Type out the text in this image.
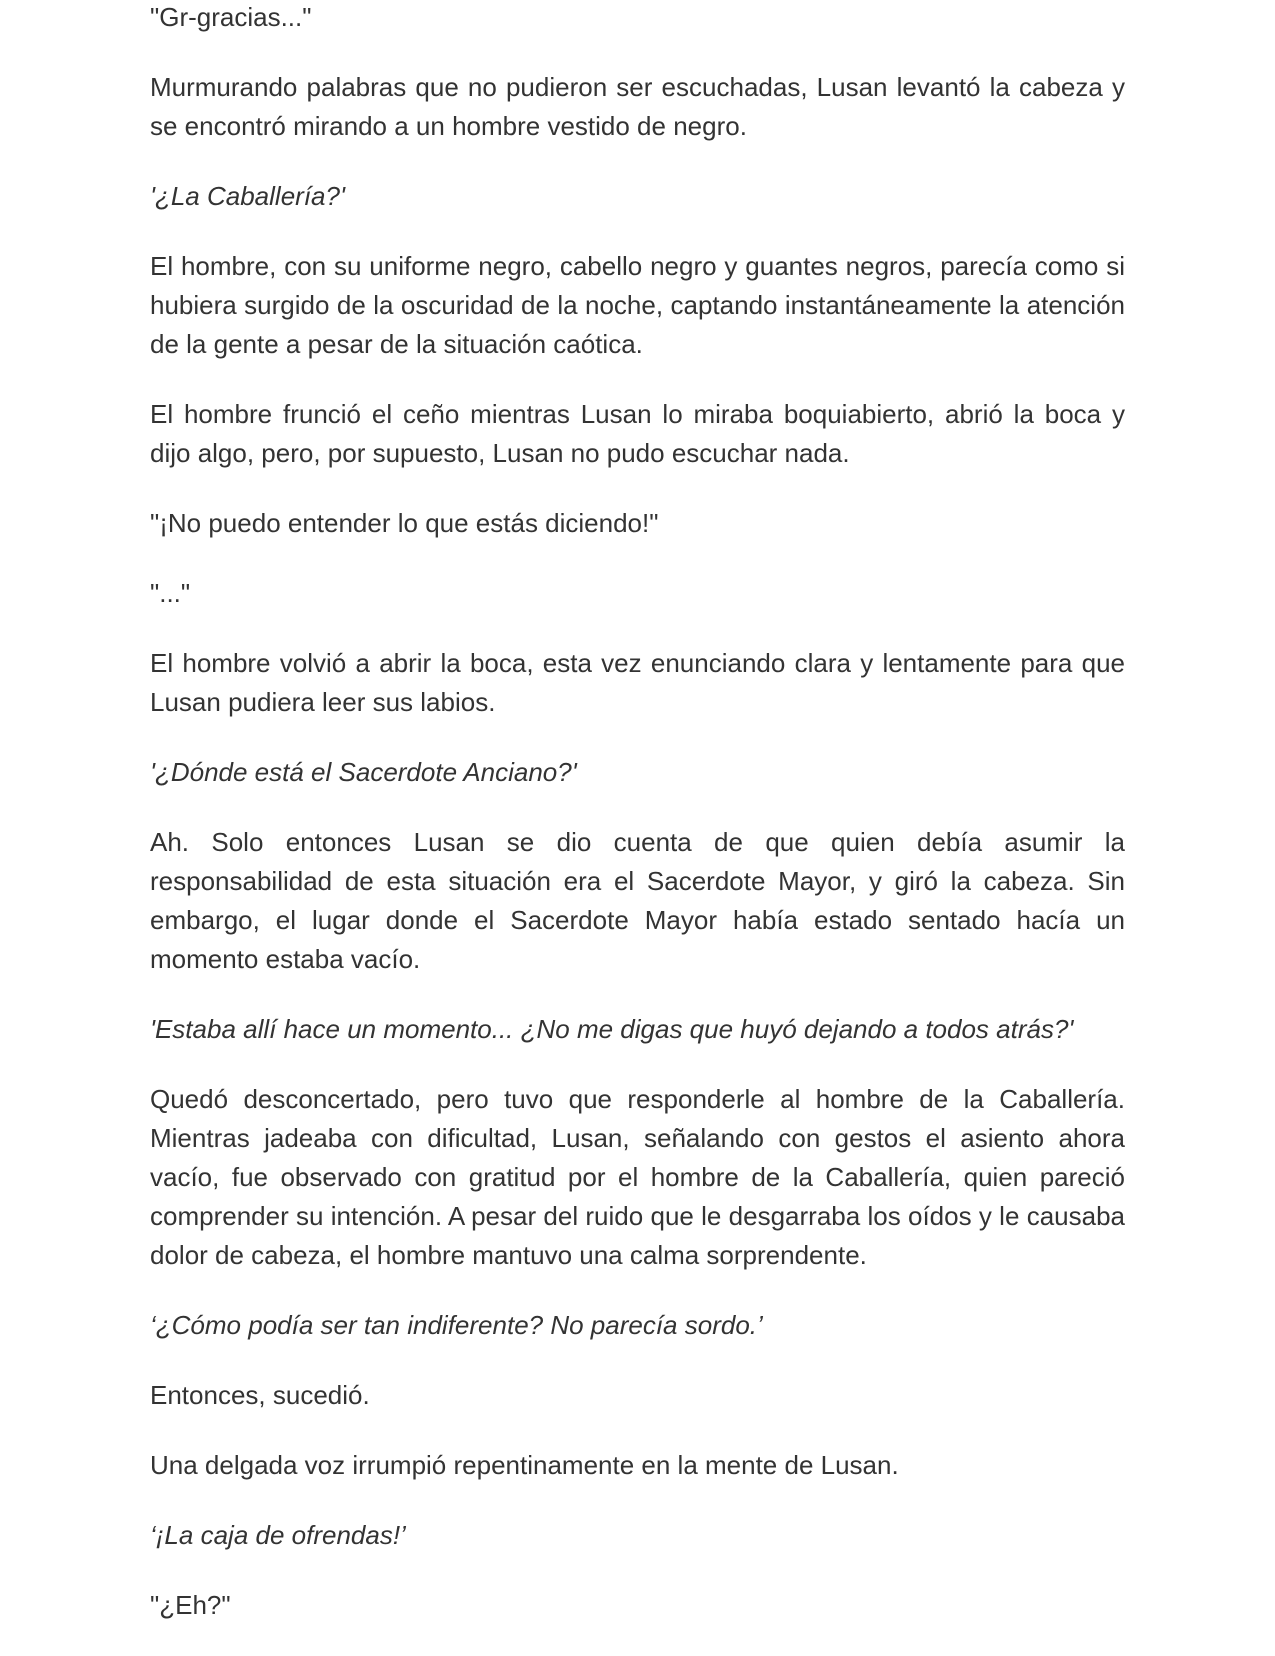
"Gr-gracias..."

Murmurando palabras que no pudieron ser escuchadas, Lusan levantó la cabeza y se encontró mirando a un hombre vestido de negro.

'¿La Caballería?'

El hombre, con su uniforme negro, cabello negro y guantes negros, parecía como si hubiera surgido de la oscuridad de la noche, captando instantáneamente la atención de la gente a pesar de la situación caótica.

El hombre frunció el ceño mientras Lusan lo miraba boquiabierto, abrió la boca y dijo algo, pero, por supuesto, Lusan no pudo escuchar nada.

"¡No puedo entender lo que estás diciendo!"

"..."

El hombre volvió a abrir la boca, esta vez enunciando clara y lentamente para que Lusan pudiera leer sus labios.

'¿Dónde está el Sacerdote Anciano?'

Ah. Solo entonces Lusan se dio cuenta de que quien debía asumir la responsabilidad de esta situación era el Sacerdote Mayor, y giró la cabeza. Sin embargo, el lugar donde el Sacerdote Mayor había estado sentado hacía un momento estaba vacío.

'Estaba allí hace un momento... ¿No me digas que huyó dejando a todos atrás?'

Quedó desconcertado, pero tuvo que responderle al hombre de la Caballería. Mientras jadeaba con dificultad, Lusan, señalando con gestos el asiento ahora vacío, fue observado con gratitud por el hombre de la Caballería, quien pareció comprender su intención. A pesar del ruido que le desgarraba los oídos y le causaba dolor de cabeza, el hombre mantuvo una calma sorprendente.

‘¿Cómo podía ser tan indiferente? No parecía sordo.’

Entonces, sucedió.

Una delgada voz irrumpió repentinamente en la mente de Lusan.

‘¡La caja de ofrendas!’

"¿Eh?"
